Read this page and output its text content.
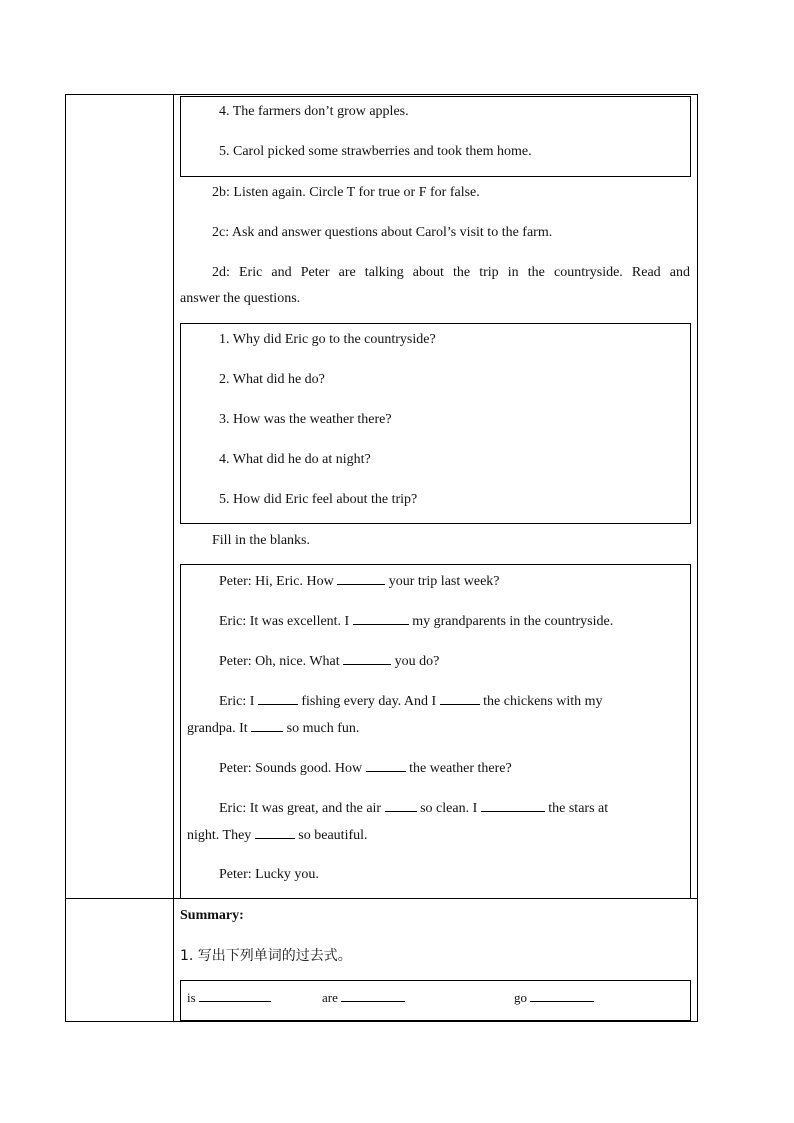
4. The farmers don’t grow apples.
5. Carol picked some strawberries and took them home.
2b: Listen again. Circle T for true or F for false.
2c: Ask and answer questions about Carol’s visit to the farm.
2d: Eric and Peter are talking about the trip in the countryside. Read and
answer the questions.
1. Why did Eric go to the countryside?
2. What did he do?
3. How was the weather there?
4. What did he do at night?
5. How did Eric feel about the trip?
Fill in the blanks.
Peter: Hi, Eric. How	your trip last week?
Eric: It was excellent. I	my grandparents in the countryside.
Peter: Oh, nice. What	you do?
Eric: I	fishing every day. And I	the chickens with my
grandpa. It	so much fun.
Peter: Sounds good. How	the weather there?
Eric: It was great, and the air	so clean. I	the stars at
night. They	so beautiful.
Peter: Lucky you.
Summary:
1. 写出下列单词的过去式。
is	are	go
